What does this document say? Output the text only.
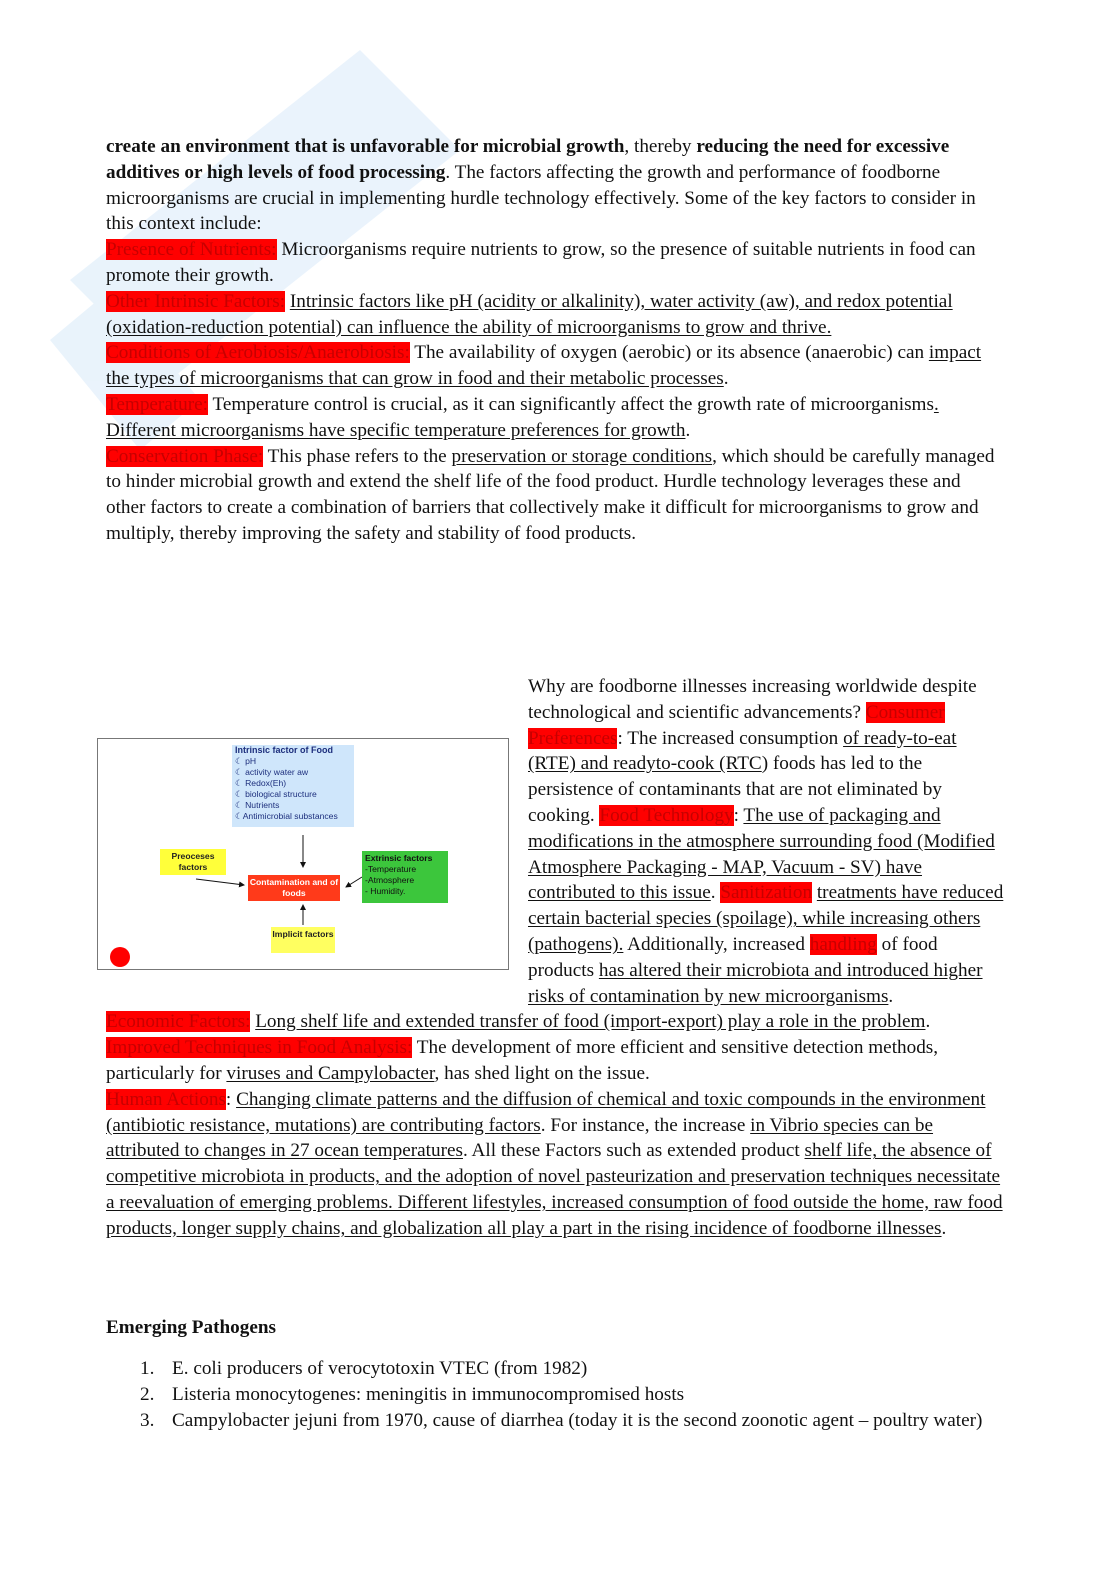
create an environment that is unfavorable for microbial growth, thereby reducing the need for excessive additives or high levels of food processing. The factors affecting the growth and performance of foodborne microorganisms are crucial in implementing hurdle technology effectively. Some of the key factors to consider in this context include:

Presence of Nutrients: Microorganisms require nutrients to grow, so the presence of suitable nutrients in food can promote their growth.

Other Intrinsic Factors: Intrinsic factors like pH (acidity or alkalinity), water activity (aw), and redox potential (oxidation-reduction potential) can influence the ability of microorganisms to grow and thrive.

Conditions of Aerobiosis/Anaerobiosis: The availability of oxygen (aerobic) or its absence (anaerobic) can impact the types of microorganisms that can grow in food and their metabolic processes.

Temperature: Temperature control is crucial, as it can significantly affect the growth rate of microorganisms. Different microorganisms have specific temperature preferences for growth.

Conservation Phase: This phase refers to the preservation or storage conditions, which should be carefully managed to hinder microbial growth and extend the shelf life of the food product. Hurdle technology leverages these and other factors to create a combination of barriers that collectively make it difficult for microorganisms to grow and multiply, thereby improving the safety and stability of food products.

Why are foodborne illnesses increasing worldwide despite technological and scientific advancements? Consumer Preferences: The increased consumption of ready-to-eat (RTE) and readyto-cook (RTC) foods has led to the persistence of contaminants that are not eliminated by cooking. Food Technology: The use of packaging and modifications in the atmosphere surrounding food (Modified Atmosphere Packaging - MAP, Vacuum - SV) have contributed to this issue. Sanitization treatments have reduced certain bacterial species (spoilage), while increasing others (pathogens). Additionally, increased handling of food products has altered their microbiota and introduced higher risks of contamination by new microorganisms.

Economic Factors: Long shelf life and extended transfer of food (import-export) play a role in the problem.

Improved Techniques in Food Analysis: The development of more efficient and sensitive detection methods, particularly for viruses and Campylobacter, has shed light on the issue.

Human Actions: Changing climate patterns and the diffusion of chemical and toxic compounds in the environment (antibiotic resistance, mutations) are contributing factors. For instance, the increase in Vibrio species can be attributed to changes in 27 ocean temperatures. All these Factors such as extended product shelf life, the absence of competitive microbiota in products, and the adoption of novel pasteurization and preservation techniques necessitate a reevaluation of emerging problems. Different lifestyles, increased consumption of food outside the home, raw food products, longer supply chains, and globalization all play a part in the rising incidence of foodborne illnesses.

Intrinsic factor of Food
☾ pH
☾ activity water aw
☾ Redox(Eh)
☾ biological structure
☾ Nutrients
☾Antimicrobial substances
Preoceses factors
Contamination and of foods
Extrinsic factors
-Temperature
-Atmosphere
- Humidity.
Implicit factors
Emerging Pathogens
1. E. coli producers of verocytotoxin VTEC (from 1982)
2. Listeria monocytogenes: meningitis in immunocompromised hosts
3. Campylobacter jejuni from 1970, cause of diarrhea (today it is the second zoonotic agent – poultry water)
